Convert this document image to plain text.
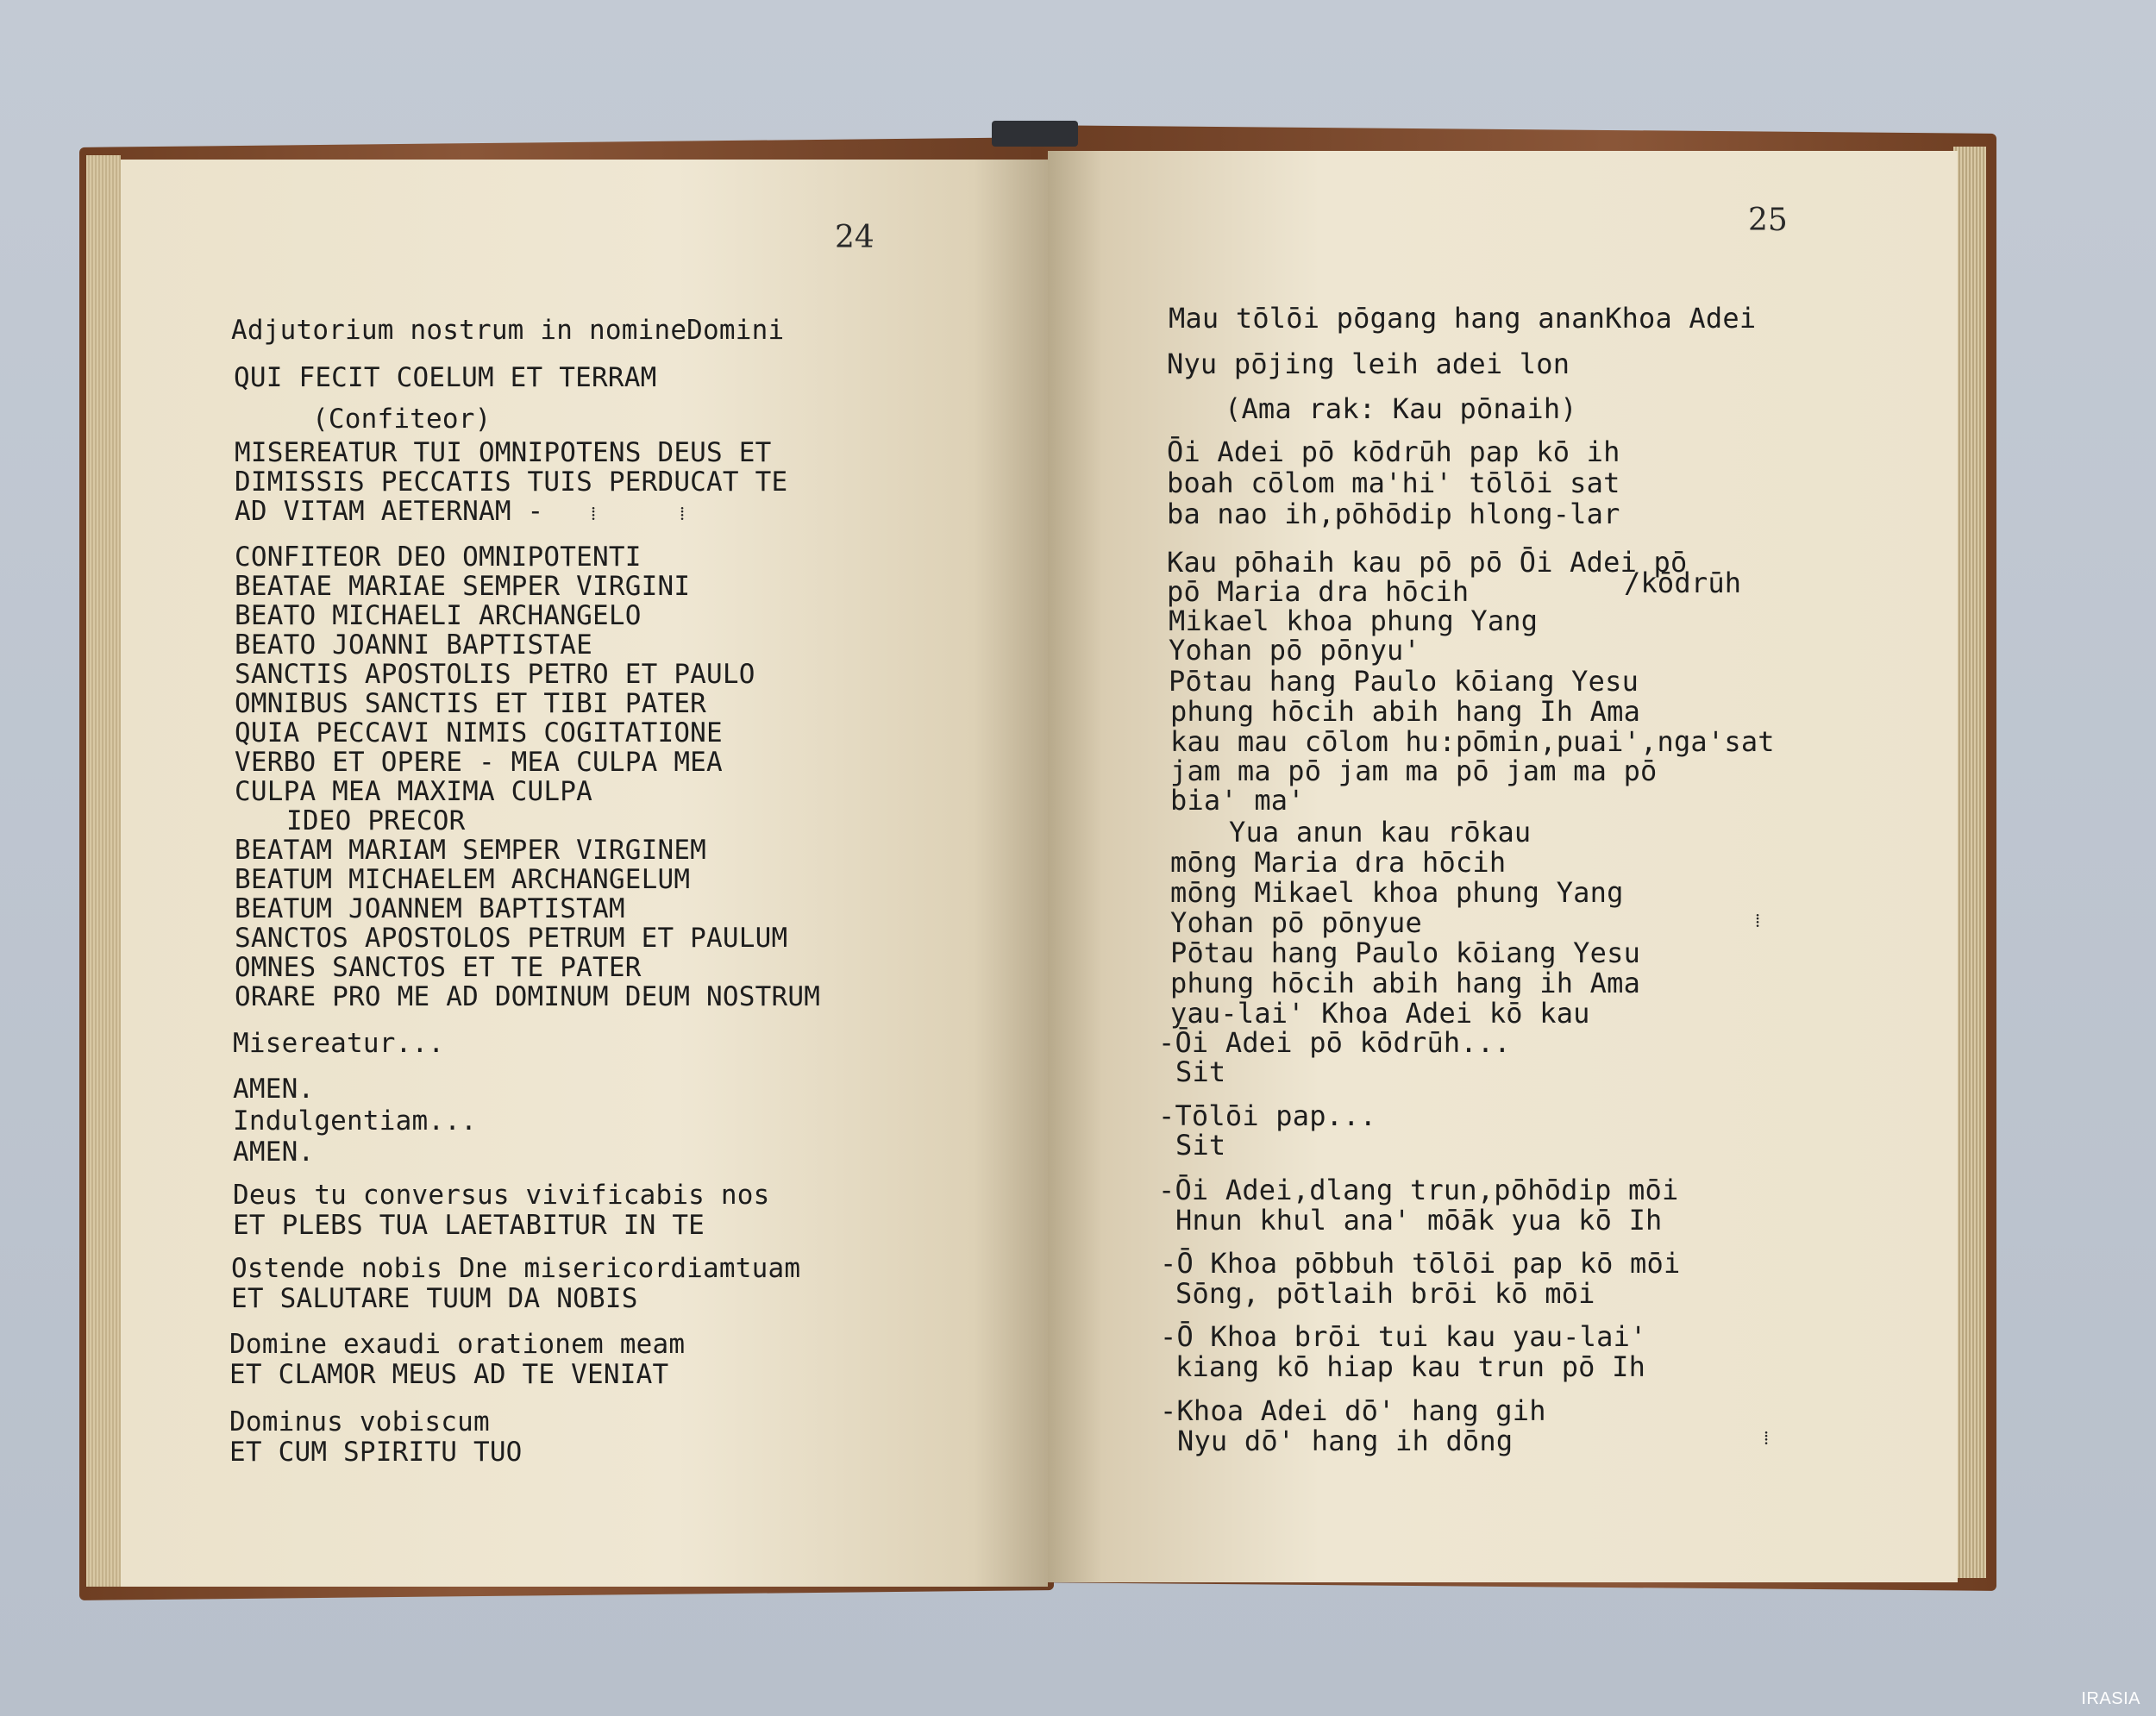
24
Adjutorium nostrum in nomineDomini
QUI FECIT COELUM ET TERRAM
(Confiteor)
MISEREATUR TUI OMNIPOTENS DEUS ET
DIMISSIS PECCATIS TUIS PERDUCAT TE
AD VITAM AETERNAM -
CONFITEOR DEO OMNIPOTENTI
BEATAE MARIAE SEMPER VIRGINI
BEATO MICHAELI ARCHANGELO
BEATO JOANNI BAPTISTAE
SANCTIS APOSTOLIS PETRO ET PAULO
OMNIBUS SANCTIS ET TIBI PATER
QUIA PECCAVI NIMIS COGITATIONE
VERBO ET OPERE - MEA CULPA MEA
CULPA MEA MAXIMA CULPA
IDEO PRECOR
BEATAM MARIAM SEMPER VIRGINEM
BEATUM MICHAELEM ARCHANGELUM
BEATUM JOANNEM BAPTISTAM
SANCTOS APOSTOLOS PETRUM ET PAULUM
OMNES SANCTOS ET TE PATER
ORARE PRO ME AD DOMINUM DEUM NOSTRUM
Misereatur...
AMEN.
Indulgentiam...
AMEN.
Deus tu conversus vivificabis nos
ET PLEBS TUA LAETABITUR IN TE
Ostende nobis Dne misericordiamtuam
ET SALUTARE TUUM DA NOBIS
Domine exaudi orationem meam
ET CLAMOR MEUS AD TE VENIAT
Dominus vobiscum
ET CUM SPIRITU TUO
⁞	⁞
25
Mau tōlōi pōgang hang ananKhoa Adei
Nyu pōjing leih adei lon
(Ama rak: Kau pōnaih)
Ōi Adei pō kōdrūh pap kō ih
boah cōlom ma'hi' tōlōi sat
ba nao ih,pōhōdip hlong-lar
Kau pōhaih kau pō pō Ōi Adei pō
pō Maria dra hōcih	/kōdrūh
Mikael khoa phung Yang
Yohan pō pōnyu'
Pōtau hang Paulo kōiang Yesu
phung hōcih abih hang Ih Ama
kau mau cōlom hu:pōmin,puai',nga'sat
jam ma pō jam ma pō jam ma pō
bia' ma'
Yua anun kau rōkau
mōng Maria dra hōcih
mōng Mikael khoa phung Yang
Yohan pō pōnyue
Pōtau hang Paulo kōiang Yesu
phung hōcih abih hang ih Ama
yau-lai' Khoa Adei kō kau
-Ōi Adei pō kōdrūh...
Sit
-Tōlōi pap...
Sit
-Ōi Adei,dlang trun,pōhōdip mōi
Hnun khul ana' mōāk yua kō Ih
-Ō Khoa pōbbuh tōlōi pap kō mōi
Sōng, pōtlaih brōi kō mōi
-Ō Khoa brōi tui kau yau-lai'
kiang kō hiap kau trun pō Ih
-Khoa Adei dō' hang gih
Nyu dō' hang ih dōng
⁞
⁞
IRASIA
